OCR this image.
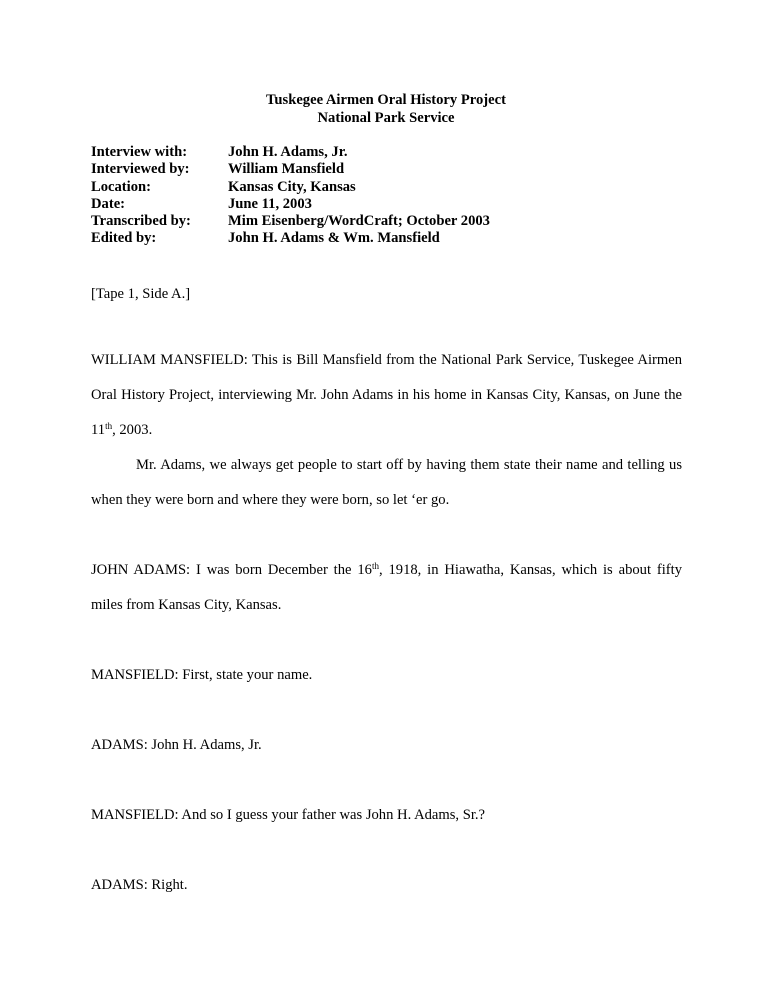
Tuskegee Airmen Oral History Project
National Park Service
Interview with:	John H. Adams, Jr.
Interviewed by:	William Mansfield
Location:	Kansas City, Kansas
Date:	June 11, 2003
Transcribed by:	Mim Eisenberg/WordCraft; October 2003
Edited by:	John H. Adams & Wm. Mansfield
[Tape 1, Side A.]
WILLIAM MANSFIELD: This is Bill Mansfield from the National Park Service, Tuskegee Airmen Oral History Project, interviewing Mr. John Adams in his home in Kansas City, Kansas, on June the 11th, 2003.
Mr. Adams, we always get people to start off by having them state their name and telling us when they were born and where they were born, so let ‘er go.
JOHN ADAMS: I was born December the 16th, 1918, in Hiawatha, Kansas, which is about fifty miles from Kansas City, Kansas.
MANSFIELD: First, state your name.
ADAMS: John H. Adams, Jr.
MANSFIELD: And so I guess your father was John H. Adams, Sr.?
ADAMS: Right.
